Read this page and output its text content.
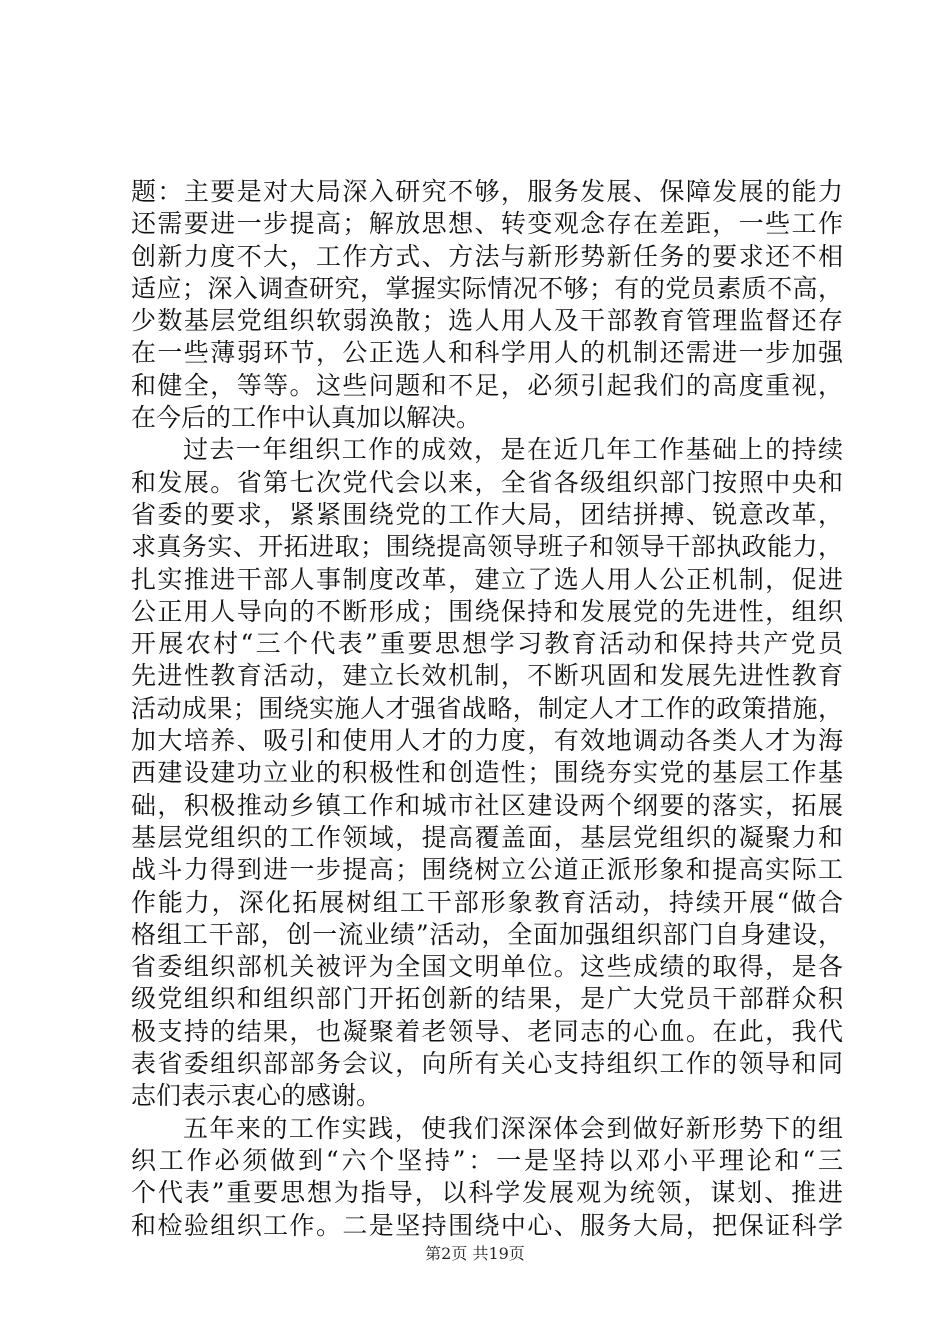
题：主要是对大局深入研究不够，服务发展、保障发展的能力
还需要进一步提高；解放思想、转变观念存在差距，一些工作
创新力度不大，工作方式、方法与新形势新任务的要求还不相
适应；深入调查研究，掌握实际情况不够；有的党员素质不高，
少数基层党组织软弱涣散；选人用人及干部教育管理监督还存
在一些薄弱环节，公正选人和科学用人的机制还需进一步加强
和健全，等等。这些问题和不足，必须引起我们的高度重视，
在今后的工作中认真加以解决。
过去一年组织工作的成效，是在近几年工作基础上的持续
和发展。省第七次党代会以来，全省各级组织部门按照中央和
省委的要求，紧紧围绕党的工作大局，团结拼搏、锐意改革，
求真务实、开拓进取；围绕提高领导班子和领导干部执政能力，
扎实推进干部人事制度改革，建立了选人用人公正机制，促进
公正用人导向的不断形成；围绕保持和发展党的先进性，组织
开展农村“三个代表”重要思想学习教育活动和保持共产党员
先进性教育活动，建立长效机制，不断巩固和发展先进性教育
活动成果；围绕实施人才强省战略，制定人才工作的政策措施，
加大培养、吸引和使用人才的力度，有效地调动各类人才为海
西建设建功立业的积极性和创造性；围绕夯实党的基层工作基
础，积极推动乡镇工作和城市社区建设两个纲要的落实，拓展
基层党组织的工作领域，提高覆盖面，基层党组织的凝聚力和
战斗力得到进一步提高；围绕树立公道正派形象和提高实际工
作能力，深化拓展树组工干部形象教育活动，持续开展“做合
格组工干部，创一流业绩”活动，全面加强组织部门自身建设，
省委组织部机关被评为全国文明单位。这些成绩的取得，是各
级党组织和组织部门开拓创新的结果，是广大党员干部群众积
极支持的结果，也凝聚着老领导、老同志的心血。在此，我代
表省委组织部部务会议，向所有关心支持组织工作的领导和同
志们表示衷心的感谢。
五年来的工作实践，使我们深深体会到做好新形势下的组
织工作必须做到“六个坚持”：一是坚持以邓小平理论和“三
个代表”重要思想为指导，以科学发展观为统领，谋划、推进
和检验组织工作。二是坚持围绕中心、服务大局，把保证科学
第2页 共19页
